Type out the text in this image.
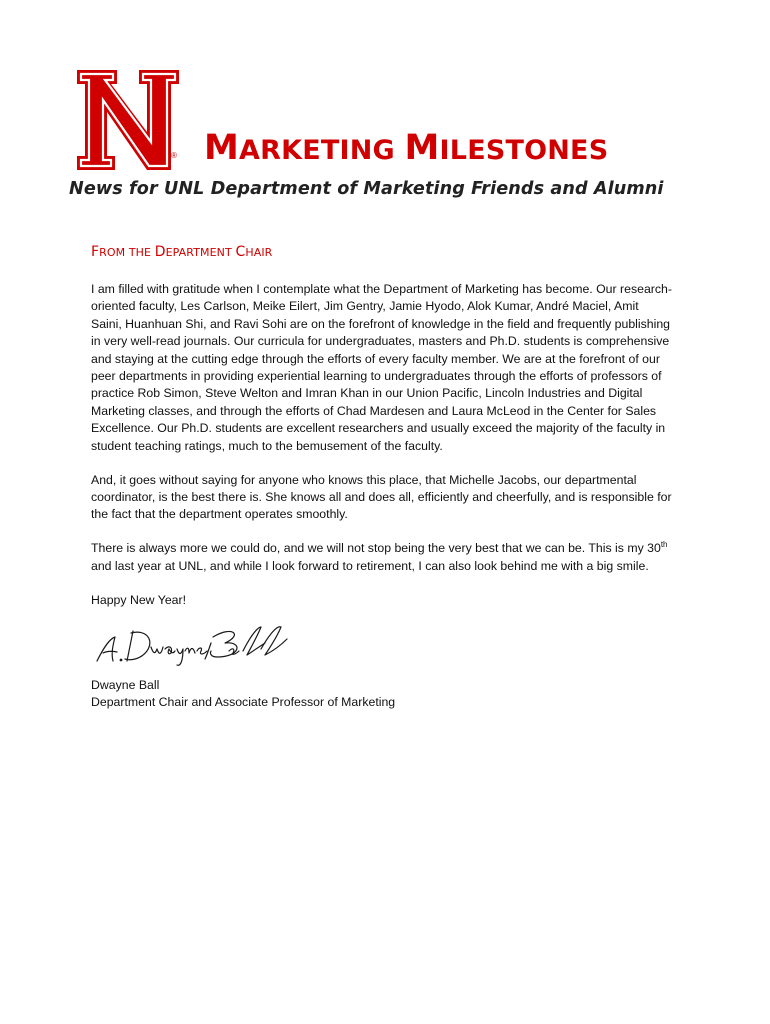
® MARKETING MILESTONES
News for UNL Department of Marketing Friends and Alumni
FROM THE DEPARTMENT CHAIR

I am filled with gratitude when I contemplate what the Department of Marketing has become. Our research-
oriented faculty, Les Carlson, Meike Eilert, Jim Gentry, Jamie Hyodo, Alok Kumar, André Maciel, Amit
Saini, Huanhuan Shi, and Ravi Sohi are on the forefront of knowledge in the field and frequently publishing
in very well-read journals. Our curricula for undergraduates, masters and Ph.D. students is comprehensive
and staying at the cutting edge through the efforts of every faculty member. We are at the forefront of our
peer departments in providing experiential learning to undergraduates through the efforts of professors of
practice Rob Simon, Steve Welton and Imran Khan in our Union Pacific, Lincoln Industries and Digital
Marketing classes, and through the efforts of Chad Mardesen and Laura McLeod in the Center for Sales
Excellence. Our Ph.D. students are excellent researchers and usually exceed the majority of the faculty in
student teaching ratings, much to the bemusement of the faculty.

And, it goes without saying for anyone who knows this place, that Michelle Jacobs, our departmental
coordinator, is the best there is. She knows all and does all, efficiently and cheerfully, and is responsible for
the fact that the department operates smoothly.

There is always more we could do, and we will not stop being the very best that we can be. This is my 30th
and last year at UNL, and while I look forward to retirement, I can also look behind me with a big smile.

Happy New Year!

Dwayne Ball
Department Chair and Associate Professor of Marketing
